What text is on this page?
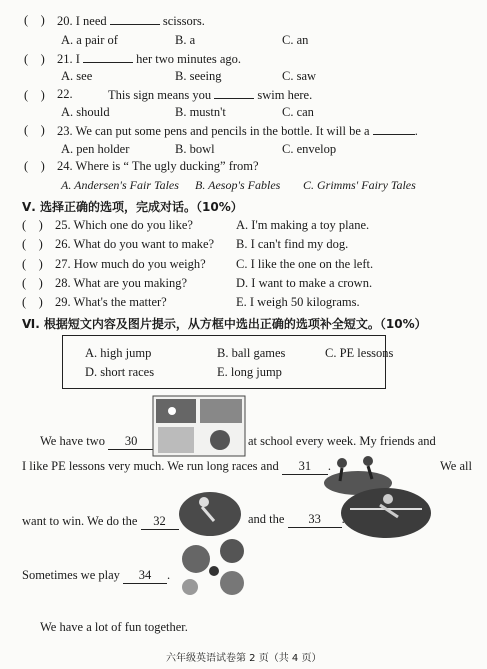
(    ) 20. I need	scissors.
A. a pair of	B. a	C. an
(    ) 21. I	her two minutes ago.
A. see	B. seeing	C. saw
(    ) 22.	This sign means you	swim here.
A. should	B. mustn't	C. can
(    ) 23. We can put some pens and pencils in the bottle. It will be a	.
A. pen holder	B. bowl	C. envelop
(    ) 24. Where is “ The ugly ducking” from?
A. Andersen's Fair Tales B. Aesop's Fables C. Grimms' Fairy Tales
Ⅴ. 选择正确的选项，完成对话。（10%）
(    ) 25. Which one do you like?	A. I'm making a toy plane.
(    ) 26. What do you want to make? B. I can't find my dog.
(    ) 27. How much do you weigh? C. I like the one on the left.
(    ) 28. What are you making?	D. I want to make a crown.
(    ) 29. What's the matter?	E. I weigh 50 kilograms.
Ⅵ. 根据短文内容及图片提示，从方框中选出正确的选项补全短文。（10%）
A. high jump	B. ball games	C. PE lessons
D. short races	E. long jump
We have two 30	at school every week. My friends and
I like PE lessons very much. We run long races and 31 .	We all
want to win. We do the 32	and the 33
Sometimes we play 34 .
We have a lot of fun together.
六年级英语试卷第 2 页（共 4 页）
